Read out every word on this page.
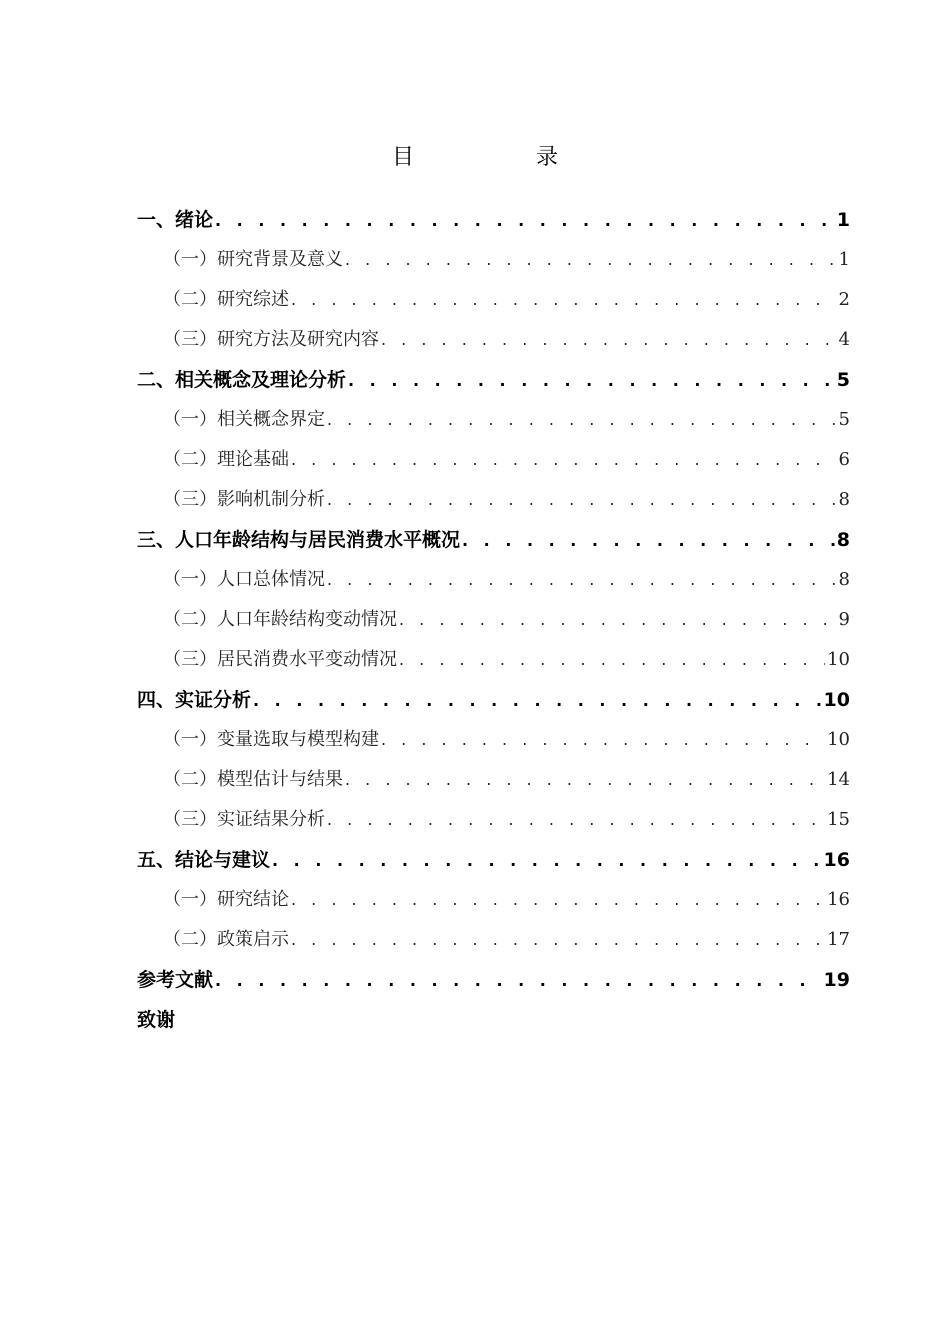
目　录
一、绪论 . . .	1
（一）研究背景及意义 . . .	1
（二）研究综述 . . .	2
（三）研究方法及研究内容 . . .	4
二、相关概念及理论分析 . . .	5
（一）相关概念界定 . . .	5
（二）理论基础 . . .	6
（三）影响机制分析 . . .	8
三、人口年龄结构与居民消费水平概况 . . .	8
（一）人口总体情况 . . .	8
（二）人口年龄结构变动情况 . . .	9
（三）居民消费水平变动情况 . . .	10
四、实证分析 . . .	10
（一）变量选取与模型构建 . . .	10
（二）模型估计与结果 . . .	14
（三）实证结果分析 . . .	15
五、结论与建议 . . .	16
（一）研究结论 . . .	16
（二）政策启示 . . .	17
参考文献 . . .	19
致谢
